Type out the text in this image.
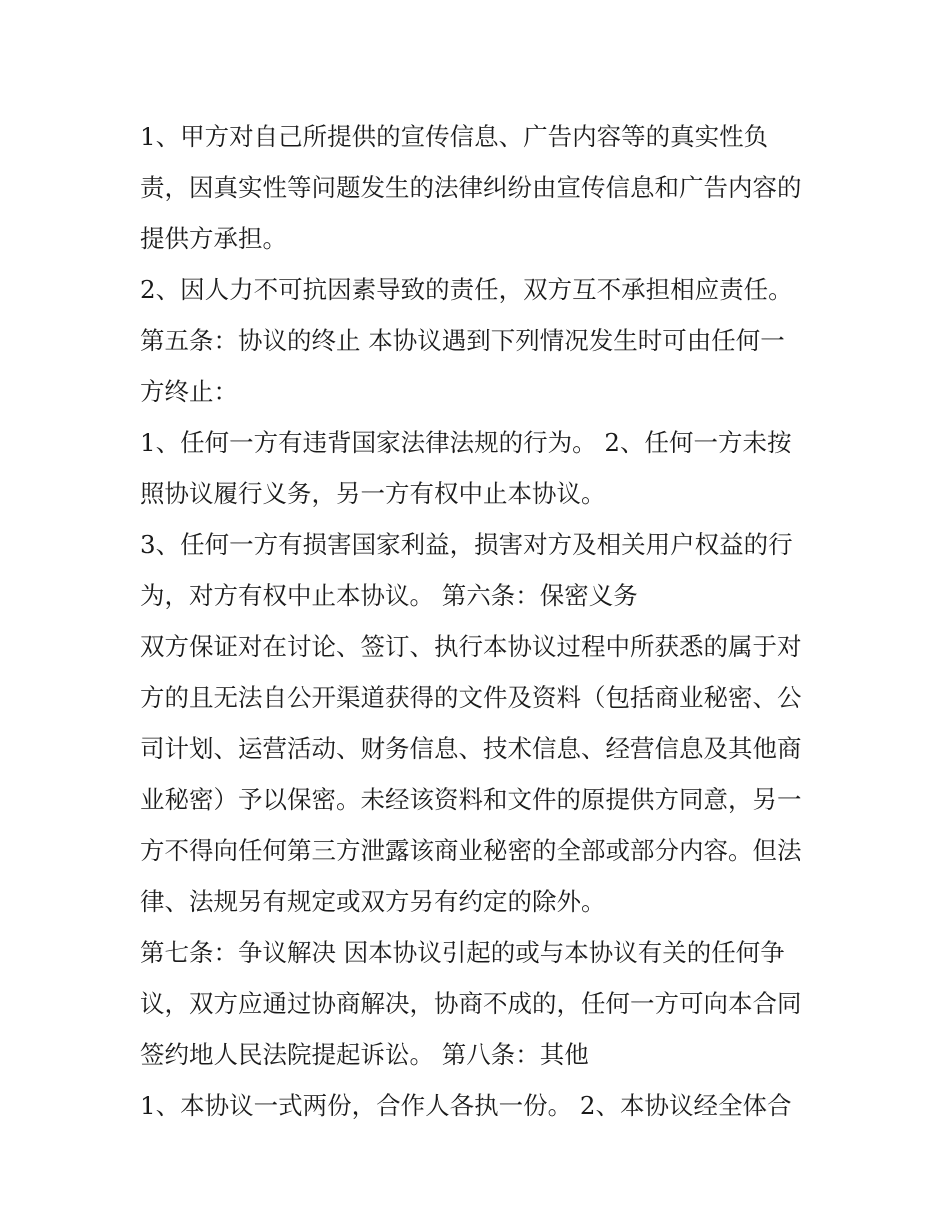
1、甲方对自己所提供的宣传信息、广告内容等的真实性负
责，因真实性等问题发生的法律纠纷由宣传信息和广告内容的
提供方承担。
2、因人力不可抗因素导致的责任，双方互不承担相应责任。
第五条：协议的终止 本协议遇到下列情况发生时可由任何一
方终止：
1、任何一方有违背国家法律法规的行为。 2、任何一方未按
照协议履行义务，另一方有权中止本协议。
3、任何一方有损害国家利益，损害对方及相关用户权益的行
为，对方有权中止本协议。 第六条：保密义务
双方保证对在讨论、签订、执行本协议过程中所获悉的属于对
方的且无法自公开渠道获得的文件及资料（包括商业秘密、公
司计划、运营活动、财务信息、技术信息、经营信息及其他商
业秘密）予以保密。未经该资料和文件的原提供方同意，另一
方不得向任何第三方泄露该商业秘密的全部或部分内容。但法
律、法规另有规定或双方另有约定的除外。
第七条：争议解决 因本协议引起的或与本协议有关的任何争
议，双方应通过协商解决，协商不成的，任何一方可向本合同
签约地人民法院提起诉讼。 第八条：其他
1、本协议一式两份，合作人各执一份。 2、本协议经全体合
